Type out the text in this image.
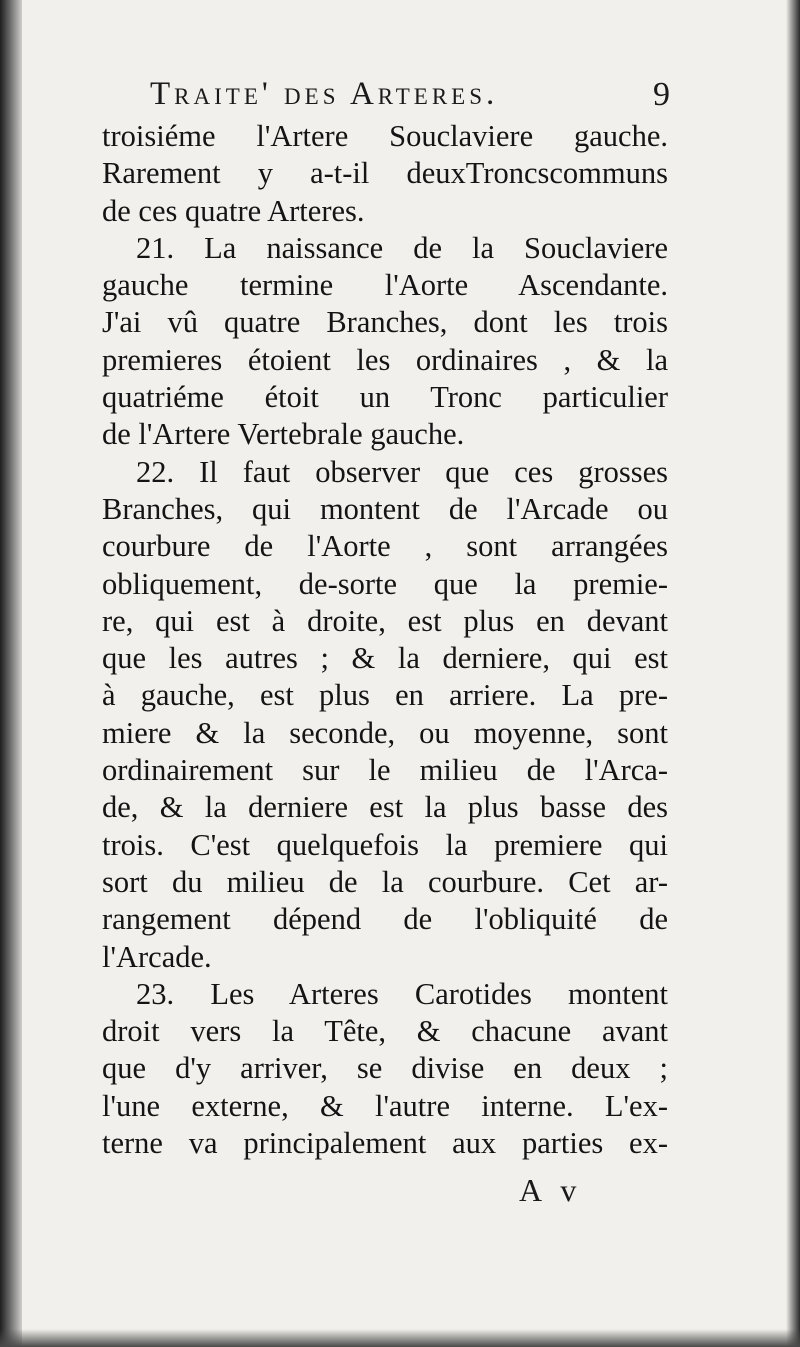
Traite' des Arteres.	9
troisiéme l'Artere Souclaviere gauche.
Rarement y a-t-il deuxTroncscommuns
de ces quatre Arteres.
21. La naissance de la Souclaviere
gauche termine l'Aorte Ascendante.
J'ai vû quatre Branches, dont les trois
premieres étoient les ordinaires , & la
quatriéme étoit un Tronc particulier
de l'Artere Vertebrale gauche.
22. Il faut observer que ces grosses
Branches, qui montent de l'Arcade ou
courbure de l'Aorte , sont arrangées
obliquement, de-sorte que la premie-
re, qui est à droite, est plus en devant
que les autres ; & la derniere, qui est
à gauche, est plus en arriere. La pre-
miere & la seconde, ou moyenne, sont
ordinairement sur le milieu de l'Arca-
de, & la derniere est la plus basse des
trois. C'est quelquefois la premiere qui
sort du milieu de la courbure. Cet ar-
rangement dépend de l'obliquité de
l'Arcade.
23. Les Arteres Carotides montent
droit vers la Tête, & chacune avant
que d'y arriver, se divise en deux ;
l'une externe, & l'autre interne. L'ex-
terne va principalement aux parties ex-
A v
